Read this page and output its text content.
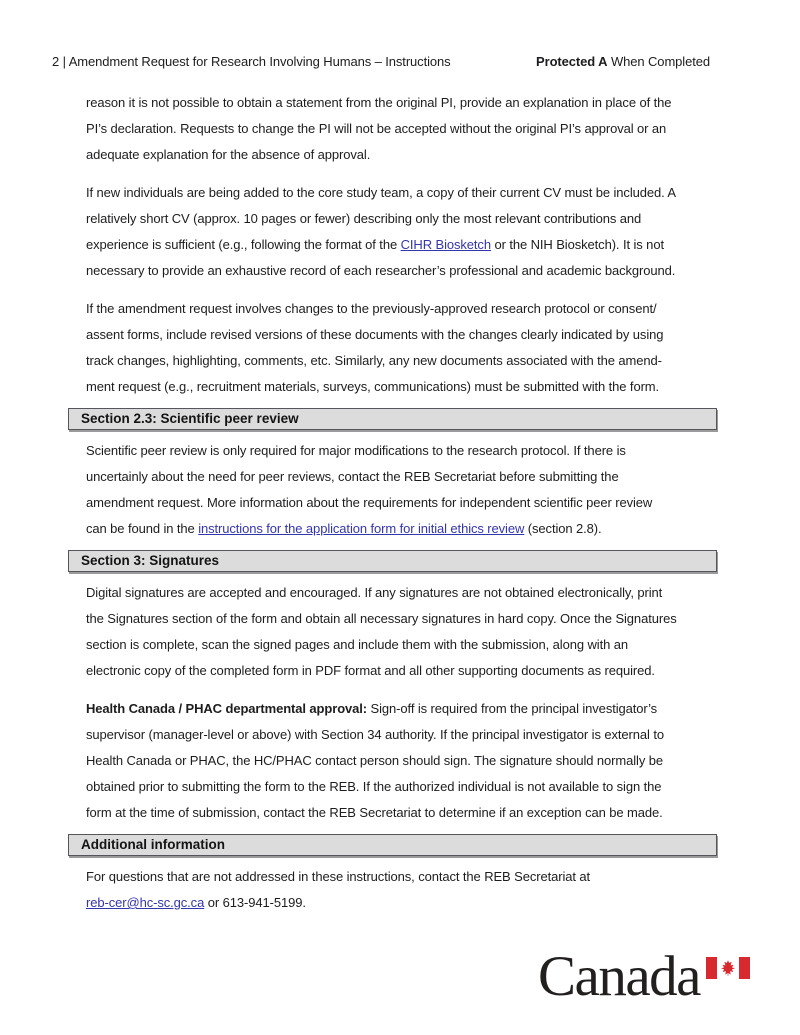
2 | Amendment Request for Research Involving Humans – Instructions	Protected A When Completed
reason it is not possible to obtain a statement from the original PI, provide an explanation in place of the
PI’s declaration. Requests to change the PI will not be accepted without the original PI’s approval or an
adequate explanation for the absence of approval.
If new individuals are being added to the core study team, a copy of their current CV must be included. A
relatively short CV (approx. 10 pages or fewer) describing only the most relevant contributions and
experience is sufficient (e.g., following the format of the CIHR Biosketch or the NIH Biosketch). It is not
necessary to provide an exhaustive record of each researcher’s professional and academic background.
If the amendment request involves changes to the previously-approved research protocol or consent/
assent forms, include revised versions of these documents with the changes clearly indicated by using
track changes, highlighting, comments, etc. Similarly, any new documents associated with the amend-
ment request (e.g., recruitment materials, surveys, communications) must be submitted with the form.
Section 2.3: Scientific peer review
Scientific peer review is only required for major modifications to the research protocol. If there is
uncertainly about the need for peer reviews, contact the REB Secretariat before submitting the
amendment request. More information about the requirements for independent scientific peer review
can be found in the instructions for the application form for initial ethics review (section 2.8).
Section 3: Signatures
Digital signatures are accepted and encouraged. If any signatures are not obtained electronically, print
the Signatures section of the form and obtain all necessary signatures in hard copy. Once the Signatures
section is complete, scan the signed pages and include them with the submission, along with an
electronic copy of the completed form in PDF format and all other supporting documents as required.
Health Canada / PHAC departmental approval: Sign-off is required from the principal investigator’s
supervisor (manager-level or above) with Section 34 authority. If the principal investigator is external to
Health Canada or PHAC, the HC/PHAC contact person should sign. The signature should normally be
obtained prior to submitting the form to the REB. If the authorized individual is not available to sign the
form at the time of submission, contact the REB Secretariat to determine if an exception can be made.
Additional information
For questions that are not addressed in these instructions, contact the REB Secretariat at
reb-cer@hc-sc.gc.ca or 613-941-5199.
Canada
